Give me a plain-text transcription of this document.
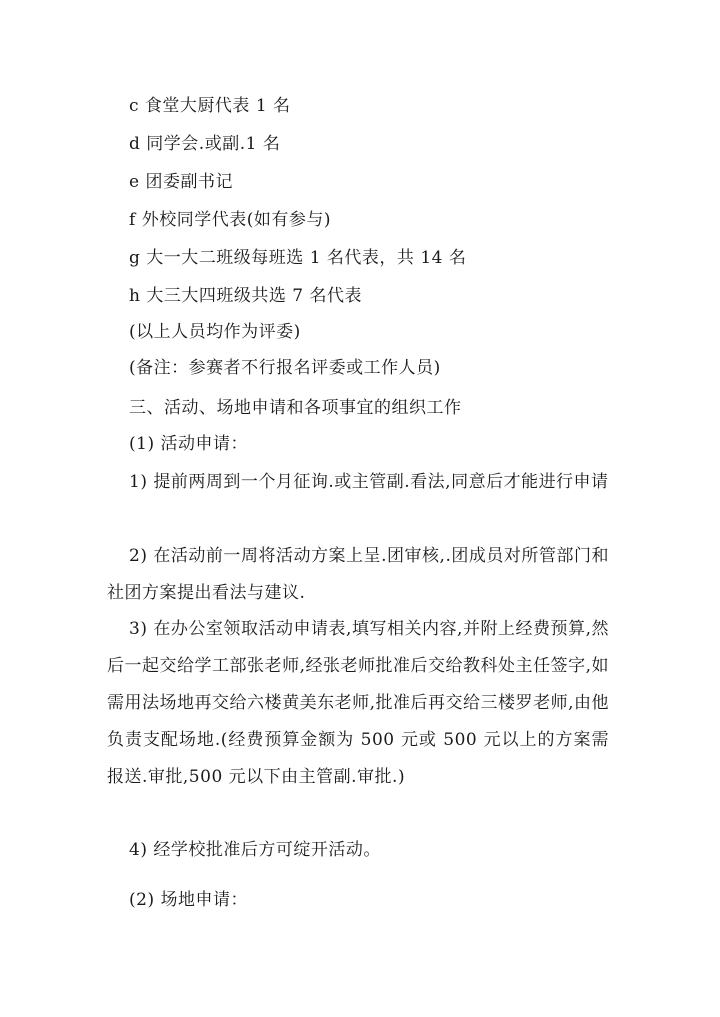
c 食堂大厨代表 1 名
d 同学会.或副.1 名
e 团委副书记
f 外校同学代表(如有参与)
g 大一大二班级每班选 1 名代表，共 14 名
h 大三大四班级共选 7 名代表
(以上人员均作为评委)
(备注：参赛者不行报名评委或工作人员)
三、活动、场地申请和各项事宜的组织工作
(1) 活动申请：
1) 提前两周到一个月征询.或主管副.看法,同意后才能进行申请
2) 在活动前一周将活动方案上呈.团审核,.团成员对所管部门和社团方案提出看法与建议.
3) 在办公室领取活动申请表,填写相关内容,并附上经费预算,然后一起交给学工部张老师,经张老师批准后交给教科处主任签字,如需用法场地再交给六楼黄美东老师,批准后再交给三楼罗老师,由他负责支配场地.(经费预算金额为 500 元或 500 元以上的方案需报送.审批,500 元以下由主管副.审批.)
4) 经学校批准后方可绽开活动。
(2) 场地申请：
